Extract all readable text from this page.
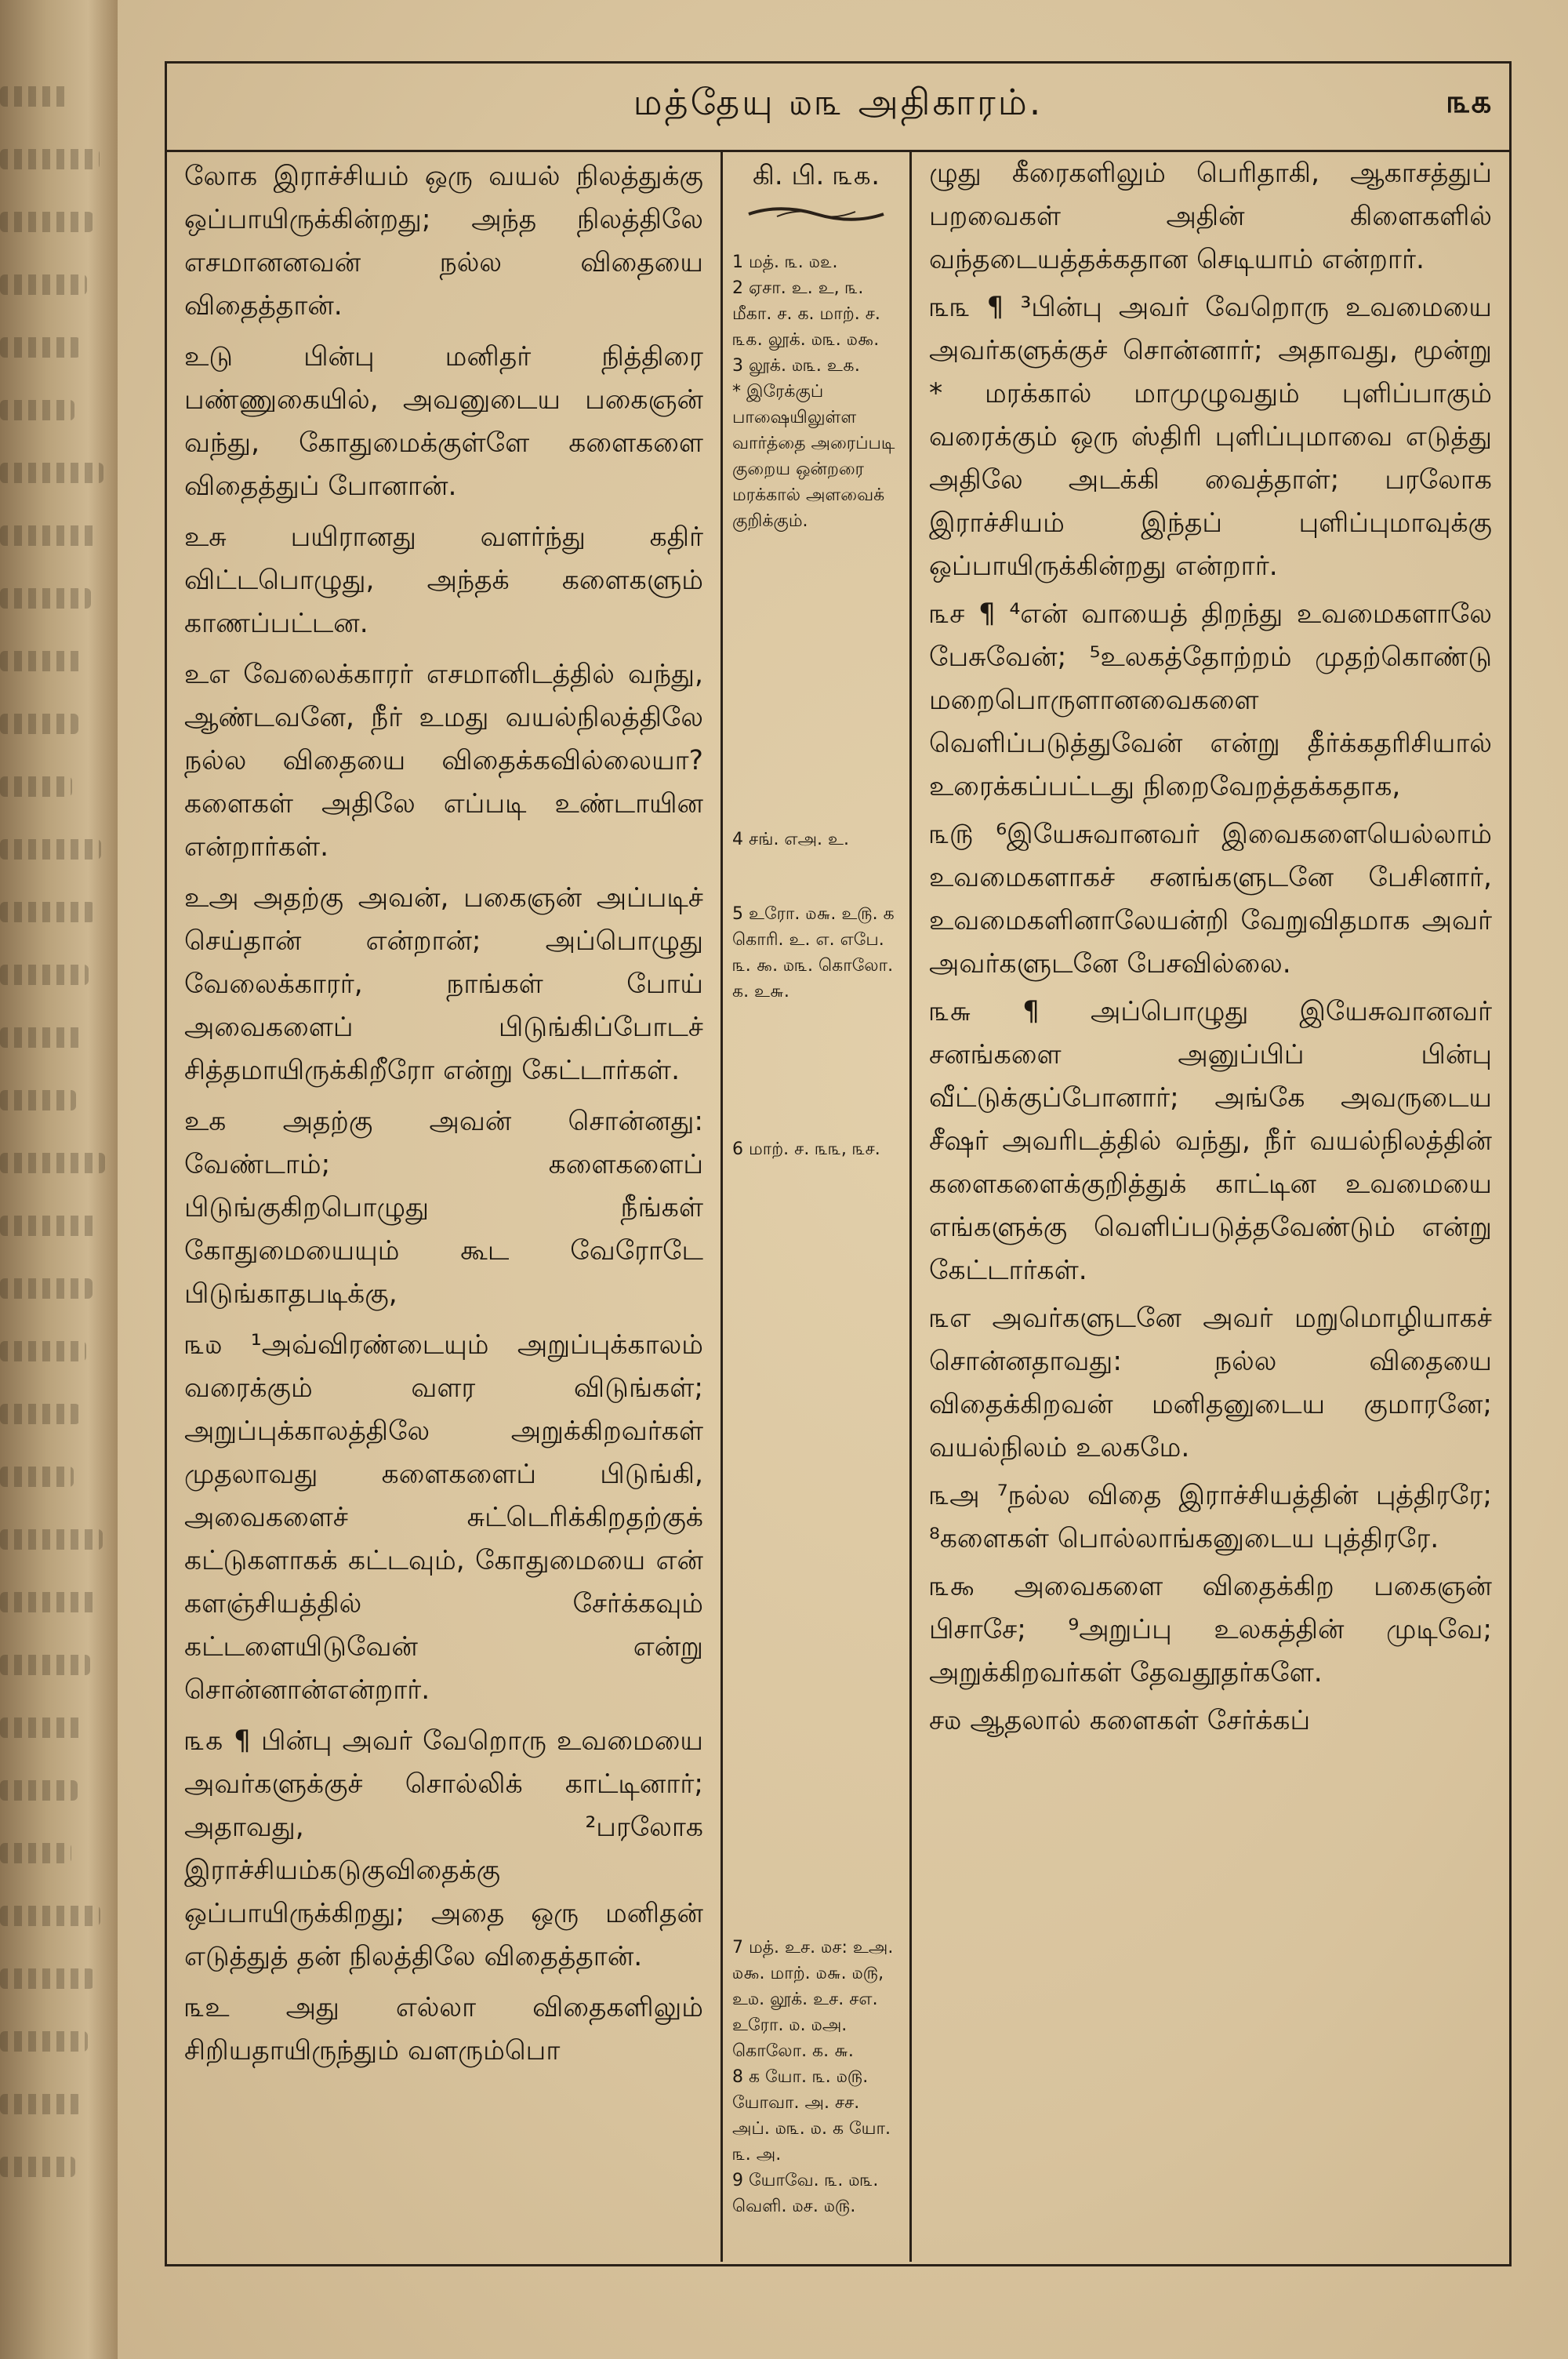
மத்தேயு ௰௩ அதிகாரம்.	௩௧

லோக இராச்சியம் ஒரு வயல் நிலத்துக்கு ஒப்பாயிருக்கின்றது; அந்த நிலத்திலே எசமானனவன் நல்ல விதையை விதைத்தான்.

உடு பின்பு மனிதர் நித்திரை பண்ணுகையில், அவனுடைய பகைஞன் வந்து, கோதுமைக்குள்ளே களைகளை விதைத்துப் போனான்.

உசு பயிரானது வளர்ந்து கதிர் விட்டபொழுது, அந்தக் களைகளும் காணப்பட்டன.

உஎ வேலைக்காரர் எசமானிடத்தில் வந்து, ஆண்டவனே, நீர் உமது வயல்நிலத்திலே நல்ல விதையை விதைக்கவில்லையா? களைகள் அதிலே எப்படி உண்டாயின என்றார்கள்.

உஅ அதற்கு அவன், பகைஞன் அப்படிச் செய்தான் என்றான்; அப்பொழுது வேலைக்காரர், நாங்கள் போய் அவைகளைப் பிடுங்கிப்போடச் சித்தமாயிருக்கிறீரோ என்று கேட்டார்கள்.

உக அதற்கு அவன் சொன்னது: வேண்டாம்; களைகளைப் பிடுங்குகிறபொழுது நீங்கள் கோதுமையையும் கூட வேரோடே பிடுங்காதபடிக்கு,

௩௰ ¹அவ்விரண்டையும் அறுப்புக்காலம் வரைக்கும் வளர விடுங்கள்; அறுப்புக்காலத்திலே அறுக்கிறவர்கள் முதலாவது களைகளைப் பிடுங்கி, அவைகளைச் சுட்டெரிக்கிறதற்குக் கட்டுகளாகக் கட்டவும், கோதுமையை என் களஞ்சியத்தில் சேர்க்கவும் கட்டளையிடுவேன் என்று சொன்னான்என்றார்.

௩௧ ¶ பின்பு அவர் வேறொரு உவமையை அவர்களுக்குச் சொல்லிக் காட்டினார்; அதாவது, ²பரலோக இராச்சியம்கடுகுவிதைக்கு ஒப்பாயிருக்கிறது; அதை ஒரு மனிதன் எடுத்துத் தன் நிலத்திலே விதைத்தான்.

௩உ அது எல்லா விதைகளிலும் சிறியதாயிருந்தும் வளரும்பொ

கி. பி. ௩௧.
1 மத். ௩. ௰௨.
2 ஏசா. உ. உ, ௩. மீகா. ச. க. மாற். ச. ௩௧. லூக். ௰௩. ௰௯.
3 லூக். ௰௩. உ௧.
* இரேக்குப் பாஷையிலுள்ள வார்த்தை அரைப்படி குறைய ஒன்றரை மரக்கால் அளவைக் குறிக்கும்.
4 சங். எஅ. உ.
5 உரோ. ௰௬. உ௫. க கொரி. உ. எ. எபே. ௩. ௯. ௰௩. கொலோ. க. உ௬.
6 மாற். ச. ௩௩, ௩ச.
7 மத். உச. ௰ச: உஅ. ௰௯. மாற். ௰௬. ௰௫, உ௰. லூக். உச. சஎ. உரோ. ௰. ௰அ. கொலோ. க. ௬.
8 க யோ. ௩. ௰௫. யோவா. அ. சச. அப். ௰௩. ௰. க யோ. ௩. அ.
9 யோவே. ௩. ௰௩. வெளி. ௰ச. ௰௫.

ழுது கீரைகளிலும் பெரிதாகி, ஆகாசத்துப் பறவைகள் அதின் கிளைகளில் வந்தடையத்தக்கதான செடியாம் என்றார்.

௩௩ ¶ ³பின்பு அவர் வேறொரு உவமையை அவர்களுக்குச் சொன்னார்; அதாவது, மூன்று * மரக்கால் மாமுழுவதும் புளிப்பாகும் வரைக்கும் ஒரு ஸ்திரி புளிப்புமாவை எடுத்து அதிலே அடக்கி வைத்தாள்; பரலோக இராச்சியம் இந்தப் புளிப்புமாவுக்கு ஒப்பாயிருக்கின்றது என்றார்.

௩ச ¶ ⁴என் வாயைத் திறந்து உவமைகளாலே பேசுவேன்; ⁵உலகத்தோற்றம் முதற்கொண்டு மறைபொருளானவைகளை வெளிப்படுத்துவேன் என்று தீர்க்கதரிசியால் உரைக்கப்பட்டது நிறைவேறத்தக்கதாக,

௩௫ ⁶இயேசுவானவர் இவைகளையெல்லாம் உவமைகளாகச் சனங்களுடனே பேசினார், உவமைகளினாலேயன்றி வேறுவிதமாக அவர் அவர்களுடனே பேசவில்லை.

௩௬ ¶ அப்பொழுது இயேசுவானவர் சனங்களை அனுப்பிப் பின்பு வீட்டுக்குப்போனார்; அங்கே அவருடைய சீஷர் அவரிடத்தில் வந்து, நீர் வயல்நிலத்தின் களைகளைக்குறித்துக் காட்டின உவமையை எங்களுக்கு வெளிப்படுத்தவேண்டும் என்று கேட்டார்கள்.

௩எ அவர்களுடனே அவர் மறுமொழியாகச் சொன்னதாவது: நல்ல விதையை விதைக்கிறவன் மனிதனுடைய குமாரனே; வயல்நிலம் உலகமே.

௩அ ⁷நல்ல விதை இராச்சியத்தின் புத்திரரே; ⁸களைகள் பொல்லாங்கனுடைய புத்திரரே.

௩௯ அவைகளை விதைக்கிற பகைஞன் பிசாசே; ⁹அறுப்பு உலகத்தின் முடிவே; அறுக்கிறவர்கள் தேவதூதர்களே.

ச௰ ஆதலால் களைகள் சேர்க்கப்
